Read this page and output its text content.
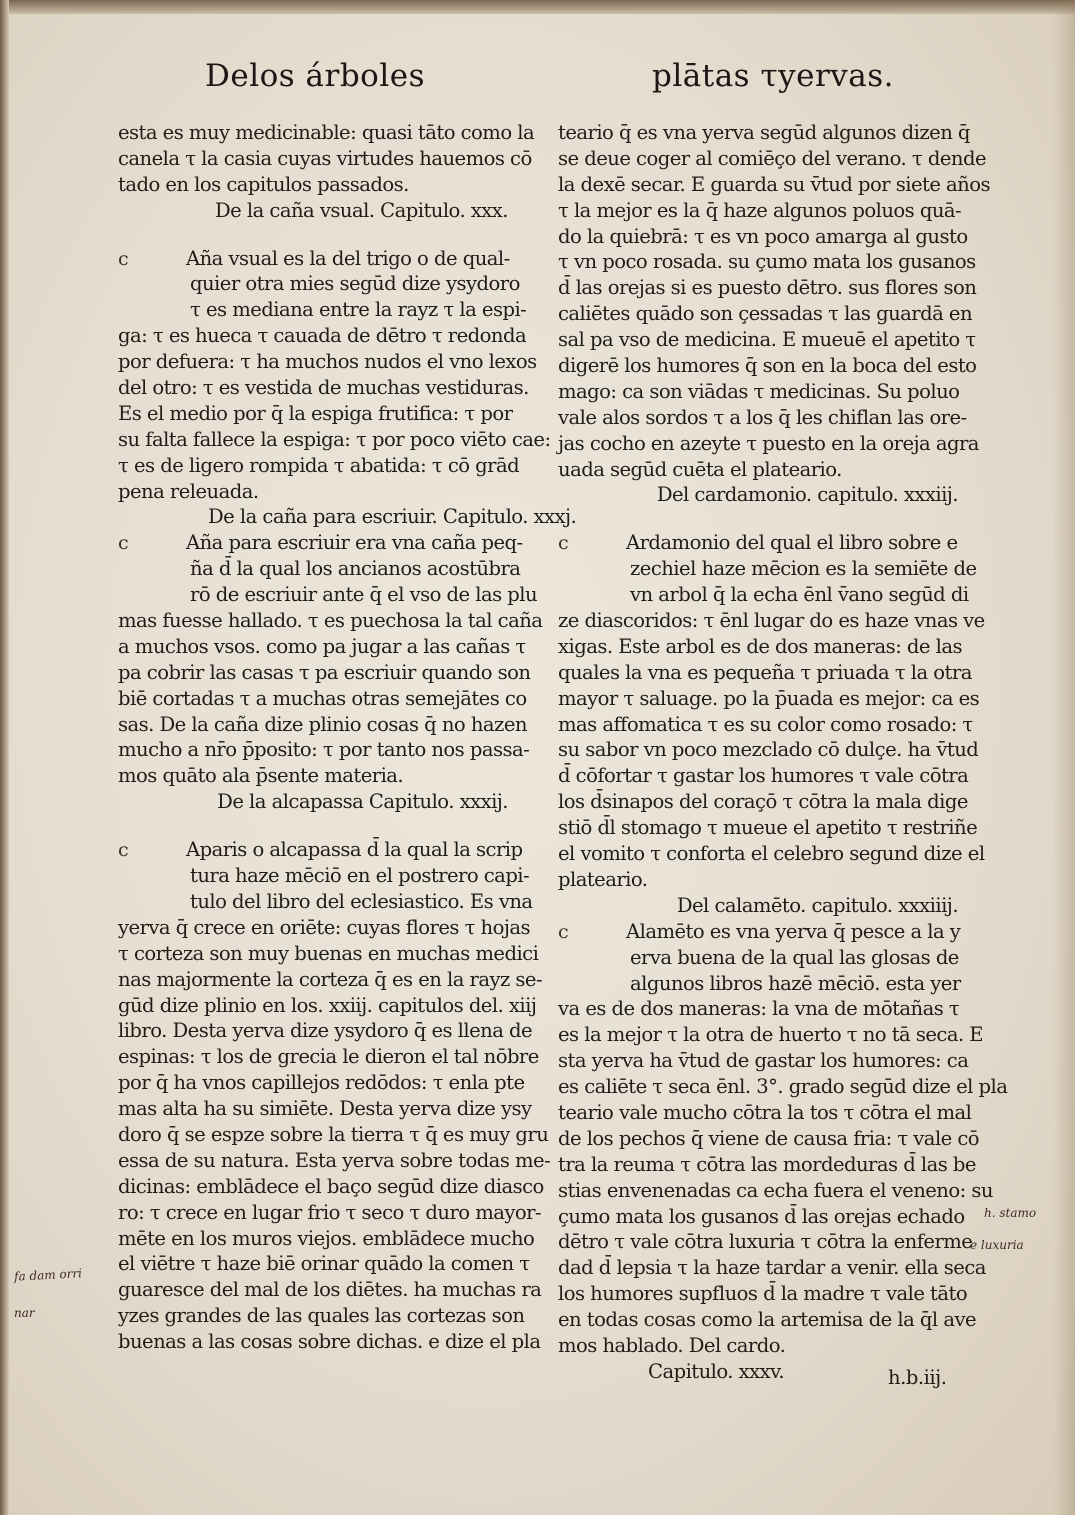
Delos árboles	plātas τyervas.
esta es muy medicinable: quasi tāto como la
canela τ la casia cuyas virtudes hauemos cō
tado en los capitulos passados.
De la caña vsual. Capitulo. xxx.
c	Aña vsual es la del trigo o de qual-
quier otra mies segūd dize ysydoro
τ es mediana entre la rayz τ la espi-
ga: τ es hueca τ cauada de dētro τ redonda
por defuera: τ ha muchos nudos el vno lexos
del otro: τ es vestida de muchas vestiduras.
Es el medio por q̄ la espiga frutifica: τ por
su falta fallece la espiga: τ por poco viēto cae:
τ es de ligero rompida τ abatida: τ cō grād
pena releuada.
De la caña para escriuir. Capitulo. xxxj.
c	Aña para escriuir era vna caña peq-
ña d̄ la qual los ancianos acostūbra
rō de escriuir ante q̄ el vso de las plu
mas fuesse hallado. τ es puechosa la tal caña
a muchos vsos. como pa jugar a las cañas τ
pa cobrir las casas τ pa escriuir quando son
biē cortadas τ a muchas otras semejātes co
sas. De la caña dize plinio cosas q̄ no hazen
mucho a nr̄o p̄posito: τ por tanto nos passa-
mos quāto ala p̄sente materia.
De la alcapassa Capitulo. xxxij.
c	Aparis o alcapassa d̄ la qual la scrip
tura haze mēciō en el postrero capi-
tulo del libro del eclesiastico. Es vna
yerva q̄ crece en oriēte: cuyas flores τ hojas
τ corteza son muy buenas en muchas medici
nas majormente la corteza q̄ es en la rayz se-
gūd dize plinio en los. xxiij. capitulos del. xiij
libro. Desta yerva dize ysydoro q̄ es llena de
espinas: τ los de grecia le dieron el tal nōbre
por q̄ ha vnos capillejos redōdos: τ enla pte
mas alta ha su simiēte. Desta yerva dize ysy
doro q̄ se espze sobre la tierra τ q̄ es muy gru
essa de su natura. Esta yerva sobre todas me-
dicinas: emblādece el baço segūd dize diasco
ro: τ crece en lugar frio τ seco τ duro mayor-
mēte en los muros viejos. emblādece mucho
el viētre τ haze biē orinar quādo la comen τ
guaresce del mal de los diētes. ha muchas ra
yzes grandes de las quales las cortezas son
buenas a las cosas sobre dichas. e dize el pla
teario q̄ es vna yerva segūd algunos dizen q̄
se deue coger al comiēço del verano. τ dende
la dexē secar. E guarda su v̄tud por siete años
τ la mejor es la q̄ haze algunos poluos quā-
do la quiebrā: τ es vn poco amarga al gusto
τ vn poco rosada. su çumo mata los gusanos
d̄ las orejas si es puesto dētro. sus flores son
caliētes quādo son çessadas τ las guardā en
sal pa vso de medicina. E mueuē el apetito τ
digerē los humores q̄ son en la boca del esto
mago: ca son viādas τ medicinas. Su poluo
vale alos sordos τ a los q̄ les chiflan las ore-
jas cocho en azeyte τ puesto en la oreja agra
uada segūd cuēta el plateario.
Del cardamonio. capitulo. xxxiij.
c	Ardamonio del qual el libro sobre e
zechiel haze mēcion es la semiēte de
vn arbol q̄ la echa ēnl v̄ano segūd di
ze diascoridos: τ ēnl lugar do es haze vnas ve
xigas. Este arbol es de dos maneras: de las
quales la vna es pequeña τ priuada τ la otra
mayor τ saluage. po la p̄uada es mejor: ca es
mas affomatica τ es su color como rosado: τ
su sabor vn poco mezclado cō dulçe. ha v̄tud
d̄ cōfortar τ gastar los humores τ vale cōtra
los d̄sinapos del coraçō τ cōtra la mala dige
stiō d̄l stomago τ mueue el apetito τ restriñe
el vomito τ conforta el celebro segund dize el
plateario.
Del calamēto. capitulo. xxxiiij.
c	Alamēto es vna yerva q̄ pesce a la y
erva buena de la qual las glosas de
algunos libros hazē mēciō. esta yer
va es de dos maneras: la vna de mōtañas τ
es la mejor τ la otra de huerto τ no tā seca. E
sta yerva ha v̄tud de gastar los humores: ca
es caliēte τ seca ēnl. 3°. grado segūd dize el pla
teario vale mucho cōtra la tos τ cōtra el mal
de los pechos q̄ viene de causa fria: τ vale cō
tra la reuma τ cōtra las mordeduras d̄ las be
stias envenenadas ca echa fuera el veneno: su
çumo mata los gusanos d̄ las orejas echado
dētro τ vale cōtra luxuria τ cōtra la enferme
dad d̄ lepsia τ la haze tardar a venir. ella seca
los humores supfluos d̄ la madre τ vale tāto
en todas cosas como la artemisa de la q̄l ave
mos hablado. Del cardo.
Capitulo. xxxv.	h.b.iij.
fa dam orri
nar
h. stamo
e luxuria
